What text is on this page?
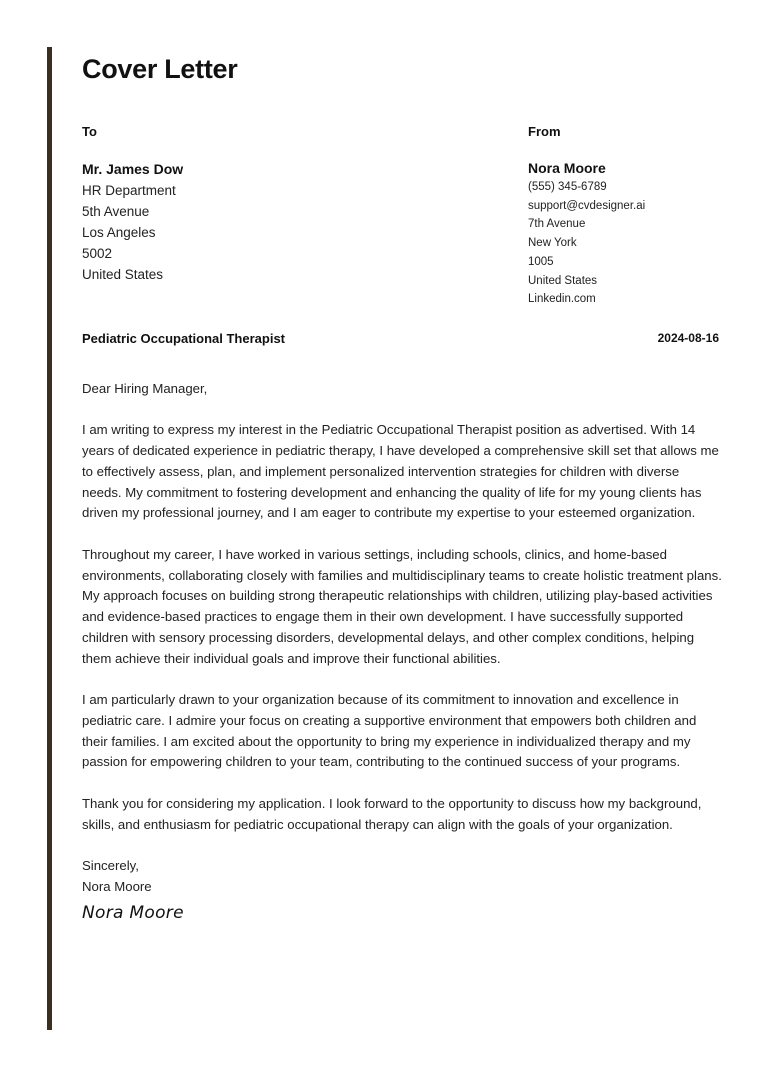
Cover Letter
To	From
Mr. James Dow
HR Department
5th Avenue
Los Angeles
5002
United States
Nora Moore
(555) 345-6789
support@cvdesigner.ai
7th Avenue
New York
1005
United States
Linkedin.com
Pediatric Occupational Therapist	2024-08-16

Dear Hiring Manager,

I am writing to express my interest in the Pediatric Occupational Therapist position as advertised. With 14 years of dedicated experience in pediatric therapy, I have developed a comprehensive skill set that allows me to effectively assess, plan, and implement personalized intervention strategies for children with diverse needs. My commitment to fostering development and enhancing the quality of life for my young clients has driven my professional journey, and I am eager to contribute my expertise to your esteemed organization.

Throughout my career, I have worked in various settings, including schools, clinics, and home-based environments, collaborating closely with families and multidisciplinary teams to create holistic treatment plans. My approach focuses on building strong therapeutic relationships with children, utilizing play-based activities and evidence-based practices to engage them in their own development. I have successfully supported children with sensory processing disorders, developmental delays, and other complex conditions, helping them achieve their individual goals and improve their functional abilities.

I am particularly drawn to your organization because of its commitment to innovation and excellence in pediatric care. I admire your focus on creating a supportive environment that empowers both children and their families. I am excited about the opportunity to bring my experience in individualized therapy and my passion for empowering children to your team, contributing to the continued success of your programs.

Thank you for considering my application. I look forward to the opportunity to discuss how my background, skills, and enthusiasm for pediatric occupational therapy can align with the goals of your organization.

Sincerely,
Nora Moore
Nora Moore
